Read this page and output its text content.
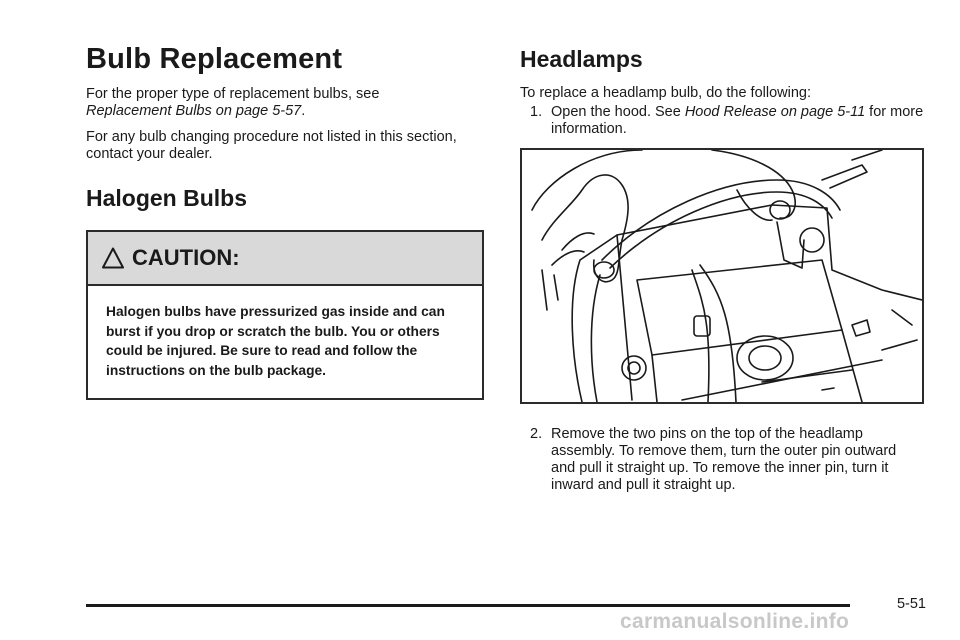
Bulb Replacement

For the proper type of replacement bulbs, see
Replacement Bulbs on page 5-57.

For any bulb changing procedure not listed in this section, contact your dealer.

Halogen Bulbs
CAUTION:
Halogen bulbs have pressurized gas inside and can burst if you drop or scratch the bulb. You or others could be injured. Be sure to read and follow the instructions on the bulb package.
Headlamps

To replace a headlamp bulb, do the following:

1. Open the hood. See Hood Release on page 5-11 for more information.
2. Remove the two pins on the top of the headlamp assembly. To remove them, turn the outer pin outward and pull it straight up. To remove the inner pin, turn it inward and pull it straight up.
5-51
carmanualsonline.info
